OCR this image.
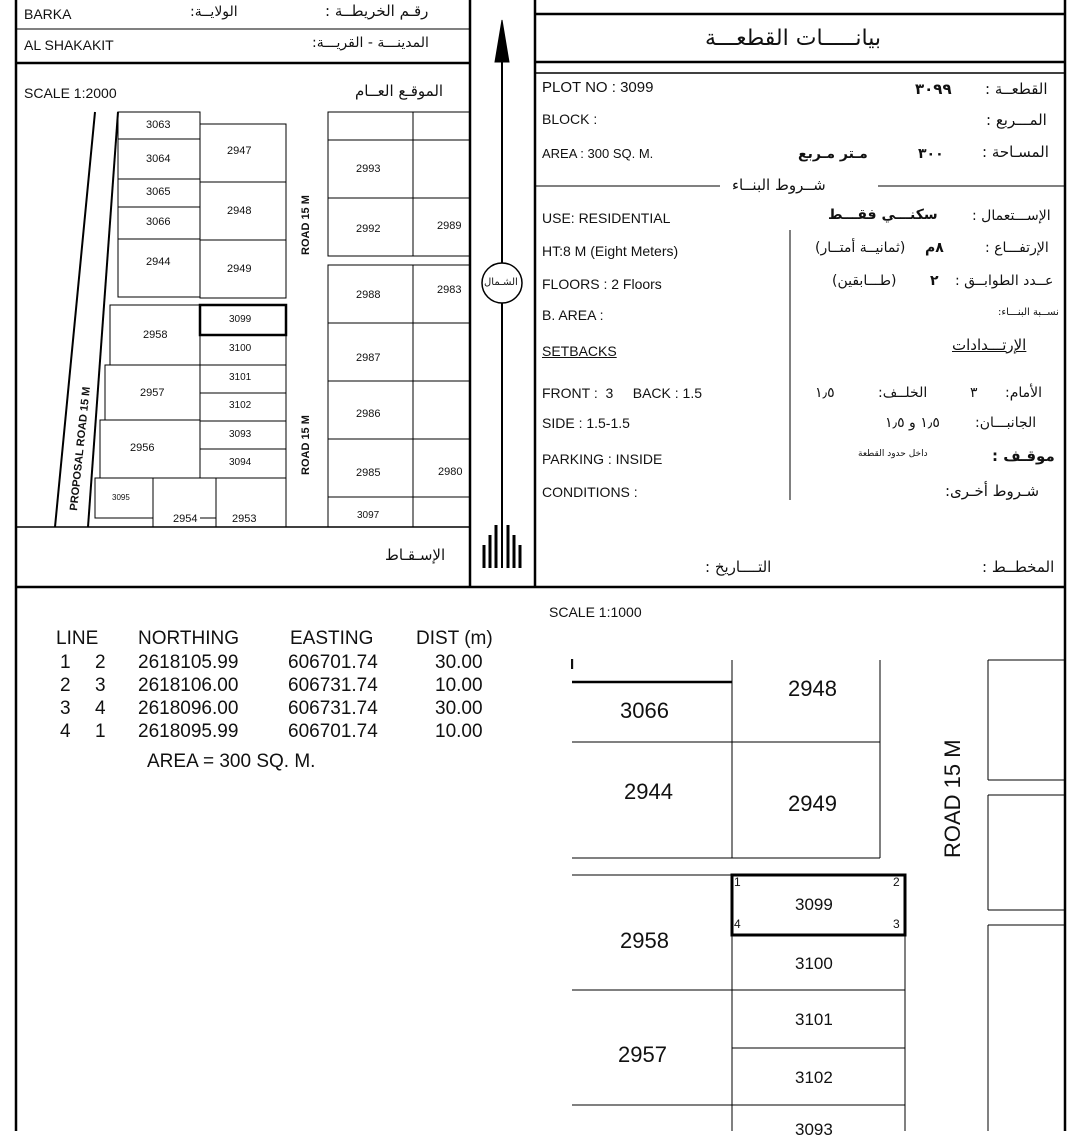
BARKA	الولايــة:	رقـم الخريطــة :
AL SHAKAKIT	المدينـــة - القريـــة:	بيانـــــات القطعـــة
SCALE 1:2000	الموقـع العــام
الإسـقـاط
ROAD 15 M
ROAD 15 M
PROPOSAL ROAD 15 M
3063
3064
3065
3066
2947
2948
2944
2949
2993
2992	2989
2988	2983
2958
3099
3100
2987
2957
3101
3102
2986
2956
3093
3094
2985	2980
3095
2954	2953	3097
الشـمال
PLOT NO : 3099	٣٠٩٩ القطعــة :
BLOCK :	المـــربع :
AREA : 300 SQ. M.	مـتر مـربع	٣٠٠	المسـاحة :
شــروط البنــاء
USE: RESIDENTIAL	سكنـــي فقـــط الإســـتعمال :
HT:8 M (Eight Meters)	(ثمانيــة أمتــار) ٨م	الإرتفـــاع :
FLOORS : 2 Floors	(طـــابقين) ٢ عــدد الطوابــق :
B. AREA :	نســبة البنـــاء:
SETBACKS	الإرتـــدادات
FRONT :  3     BACK : 1.5	١٫٥	الخلــف:	٣ الأمام:
SIDE : 1.5-1.5	١٫٥ و ١٫٥	الجانبـــان:
PARKING : INSIDE	داخل حدود القطعة	موقـف :
CONDITIONS :	شـروط أخـرى:
التــــاريخ :	المخطــط :
LINE NORTHING	EASTING DIST (m)
1 2 2618105.99	606701.74	30.00
2 3 2618106.00	606731.74	10.00
3 4 2618096.00	606731.74	30.00
4 1 2618095.99	606701.74	10.00
AREA = 300 SQ. M.
SCALE 1:1000
I
3066
2948
2944	2949
2958
3099
3100
2957
3101
3102
3093
1	2
3
4
ROAD 15 M
